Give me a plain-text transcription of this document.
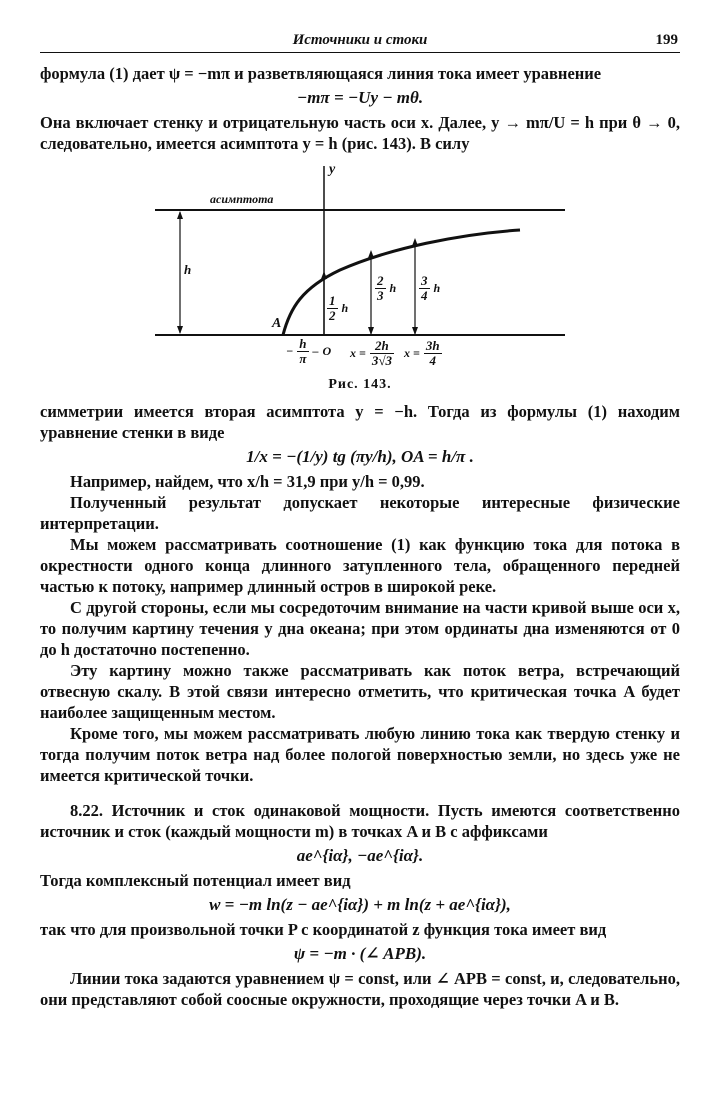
Источники и стоки	199

формула (1) дает ψ = −mπ и разветвляющаяся линия тока имеет уравнение

−mπ = −Uy − mθ.

Она включает стенку и отрицательную часть оси x. Далее, y → mπ/U = h при θ → 0, следовательно, имеется асимптота y = h (рис. 143). В силу

асимптота
y
h
A
$\frac{1}{2}$ h
$\frac{2}{3}$ h $\frac{3}{4}$ h
− $\frac{h}{\pi}$ – O $x = \frac{2h}{3√3}$ $x = \frac{3h}{4}$
Рис. 143.

симметрии имеется вторая асимптота y = −h. Тогда из формулы (1) находим уравнение стенки в виде

1/x = −(1/y) tg (πy/h), OA = h/π .

Например, найдем, что x/h = 31,9 при y/h = 0,99.

Полученный результат допускает некоторые интересные физические интерпретации.

Мы можем рассматривать соотношение (1) как функцию тока для потока в окрестности одного конца длинного затупленного тела, обращенного передней частью к потоку, например длинный остров в широкой реке.

С другой стороны, если мы сосредоточим внимание на части кривой выше оси x, то получим картину течения у дна океана; при этом ординаты дна изменяются от 0 до h достаточно постепенно.

Эту картину можно также рассматривать как поток ветра, встречающий отвесную скалу. В этой связи интересно отметить, что критическая точка A будет наиболее защищенным местом.

Кроме того, мы можем рассматривать любую линию тока как твердую стенку и тогда получим поток ветра над более пологой поверхностью земли, но здесь уже не имеется критической точки.

8.22. Источник и сток одинаковой мощности. Пусть имеются соответственно источник и сток (каждый мощности m) в точках A и B с аффиксами

ae^{iα}, −ae^{iα}.

Тогда комплексный потенциал имеет вид

w = −m ln(z − ae^{iα}) + m ln(z + ae^{iα}),

так что для произвольной точки P с координатой z функция тока имеет вид

ψ = −m · (∠ APB).

Линии тока задаются уравнением ψ = const, или ∠ APB = const, и, следовательно, они представляют собой соосные окружности, проходящие через точки A и B.
